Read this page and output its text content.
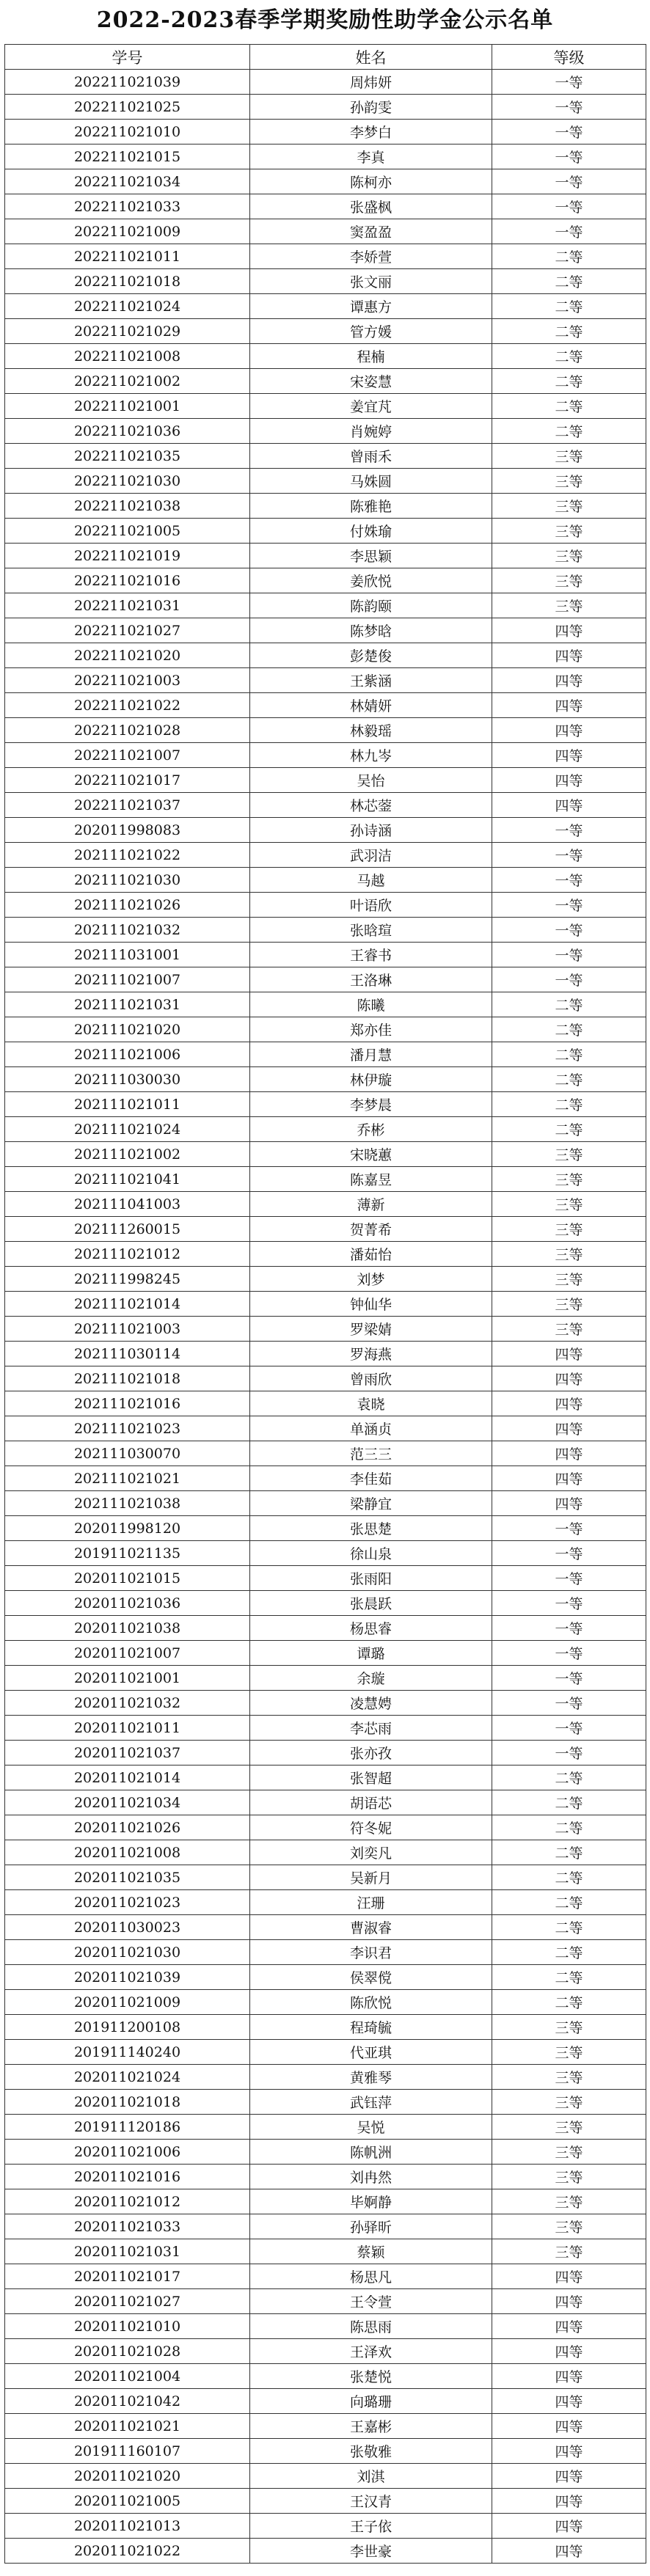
2022-2023春季学期奖励性助学金公示名单
学号	姓名	等级
202211021039	周炜妍	一等
202211021025	孙韵雯	一等
202211021010	李梦白	一等
202211021015	李真	一等
202211021034	陈柯亦	一等
202211021033	张盛枫	一等
202211021009	窦盈盈	一等
202211021011	李娇萱	二等
202211021018	张文丽	二等
202211021024	谭惠方	二等
202211021029	管方媛	二等
202211021008	程楠	二等
202211021002	宋姿慧	二等
202211021001	姜宜芃	二等
202211021036	肖婉婷	二等
202211021035	曾雨禾	三等
202211021030	马姝圆	三等
202211021038	陈雅艳	三等
202211021005	付姝瑜	三等
202211021019	李思颖	三等
202211021016	姜欣悦	三等
202211021031	陈韵颐	三等
202211021027	陈梦晗	四等
202211021020	彭楚俊	四等
202211021003	王紫涵	四等
202211021022	林婧妍	四等
202211021028	林毅瑶	四等
202211021007	林九岑	四等
202211021017	吴怡	四等
202211021037	林芯蓥	四等
202011998083	孙诗涵	一等
202111021022	武羽洁	一等
202111021030	马越	一等
202111021026	叶语欣	一等
202111021032	张晗瑄	一等
202111031001	王睿书	一等
202111021007	王洛琳	一等
202111021031	陈曦	二等
202111021020	郑亦佳	二等
202111021006	潘月慧	二等
202111030030	林伊璇	二等
202111021011	李梦晨	二等
202111021024	乔彬	二等
202111021002	宋晓蕙	三等
202111021041	陈嘉昱	三等
202111041003	薄新	三等
202111260015	贺菁希	三等
202111021012	潘茹怡	三等
202111998245	刘梦	三等
202111021014	钟仙华	三等
202111021003	罗梁婧	三等
202111030114	罗海燕	四等
202111021018	曾雨欣	四等
202111021016	袁晓	四等
202111021023	单涵贞	四等
202111030070	范三三	四等
202111021021	李佳茹	四等
202111021038	梁静宜	四等
202011998120	张思楚	一等
201911021135	徐山泉	一等
202011021015	张雨阳	一等
202011021036	张晨跃	一等
202011021038	杨思睿	一等
202011021007	谭璐	一等
202011021001	余璇	一等
202011021032	凌慧娉	一等
202011021011	李芯雨	一等
202011021037	张亦孜	一等
202011021014	张智超	二等
202011021034	胡语芯	二等
202011021026	符冬妮	二等
202011021008	刘奕凡	二等
202011021035	吴新月	二等
202011021023	汪珊	二等
202011030023	曹淑睿	二等
202011021030	李识君	二等
202011021039	侯翠傥	二等
202011021009	陈欣悦	二等
201911200108	程琦毓	三等
201911140240	代亚琪	三等
202011021024	黄雅琴	三等
202011021018	武钰萍	三等
201911120186	吴悦	三等
202011021006	陈帆洲	三等
202011021016	刘冉然	三等
202011021012	毕婀静	三等
202011021033	孙驿昕	三等
202011021031	蔡颖	三等
202011021017	杨思凡	四等
202011021027	王令萱	四等
202011021010	陈思雨	四等
202011021028	王泽欢	四等
202011021004	张楚悦	四等
202011021042	向璐珊	四等
202011021021	王嘉彬	四等
201911160107	张敬雅	四等
202011021020	刘淇	四等
202011021005	王汉青	四等
202011021013	王子依	四等
202011021022	李世豪	四等
